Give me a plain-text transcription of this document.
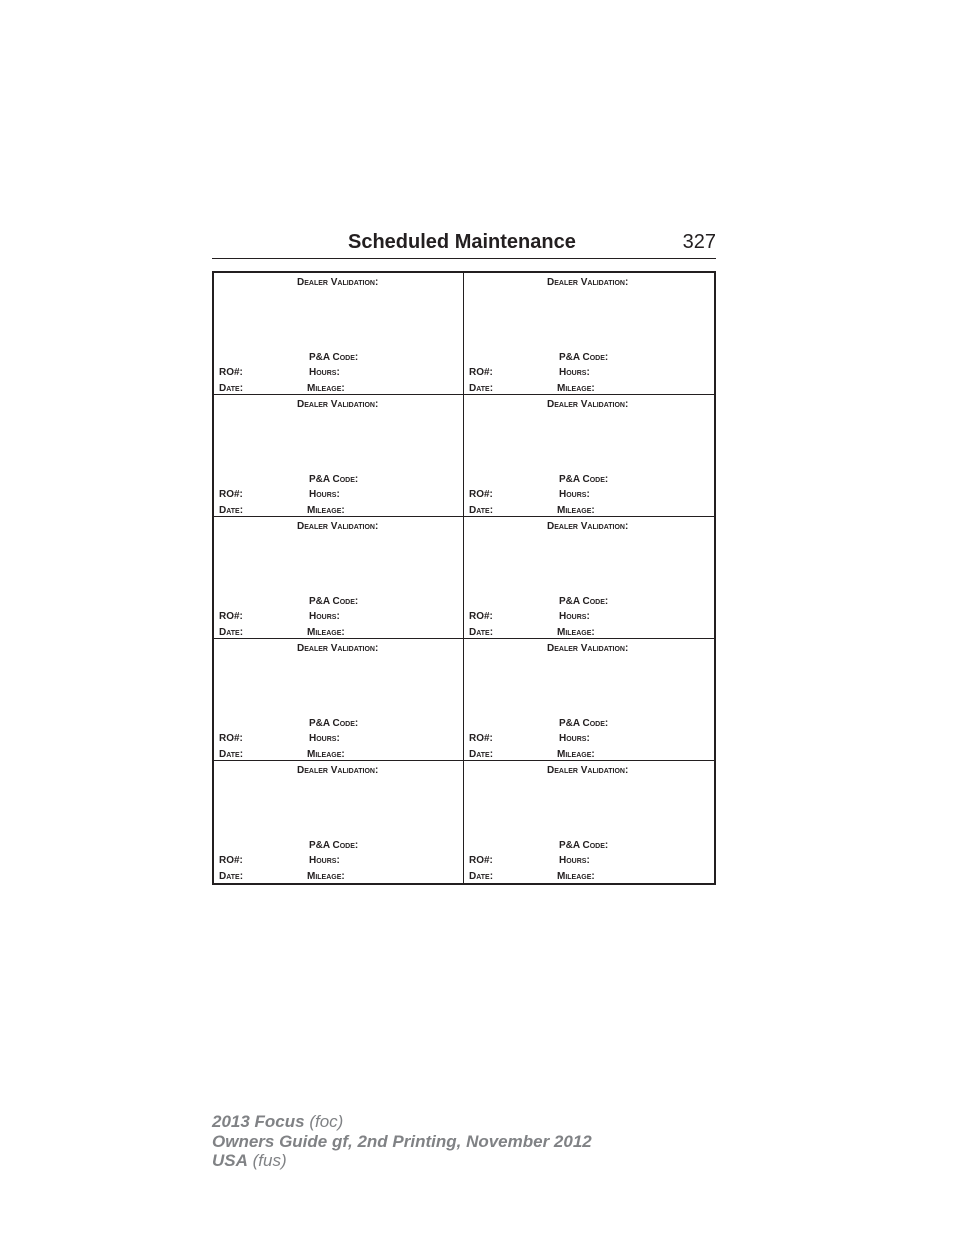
Scheduled Maintenance	327
Dealer Validation:
P&A Code:
RO#:	Hours:
Date:	Mileage:
Dealer Validation:
P&A Code:
RO#:	Hours:
Date:	Mileage:
Dealer Validation:
P&A Code:
RO#:	Hours:
Date:	Mileage:
Dealer Validation:
P&A Code:
RO#:	Hours:
Date:	Mileage:
Dealer Validation:
P&A Code:
RO#:	Hours:
Date:	Mileage:
Dealer Validation:
P&A Code:
RO#:	Hours:
Date:	Mileage:
Dealer Validation:
P&A Code:
RO#:	Hours:
Date:	Mileage:
Dealer Validation:
P&A Code:
RO#:	Hours:
Date:	Mileage:
Dealer Validation:
P&A Code:
RO#:	Hours:
Date:	Mileage:
Dealer Validation:
P&A Code:
RO#:	Hours:
Date:	Mileage:
2013 Focus (foc)
Owners Guide gf, 2nd Printing, November 2012
USA (fus)
